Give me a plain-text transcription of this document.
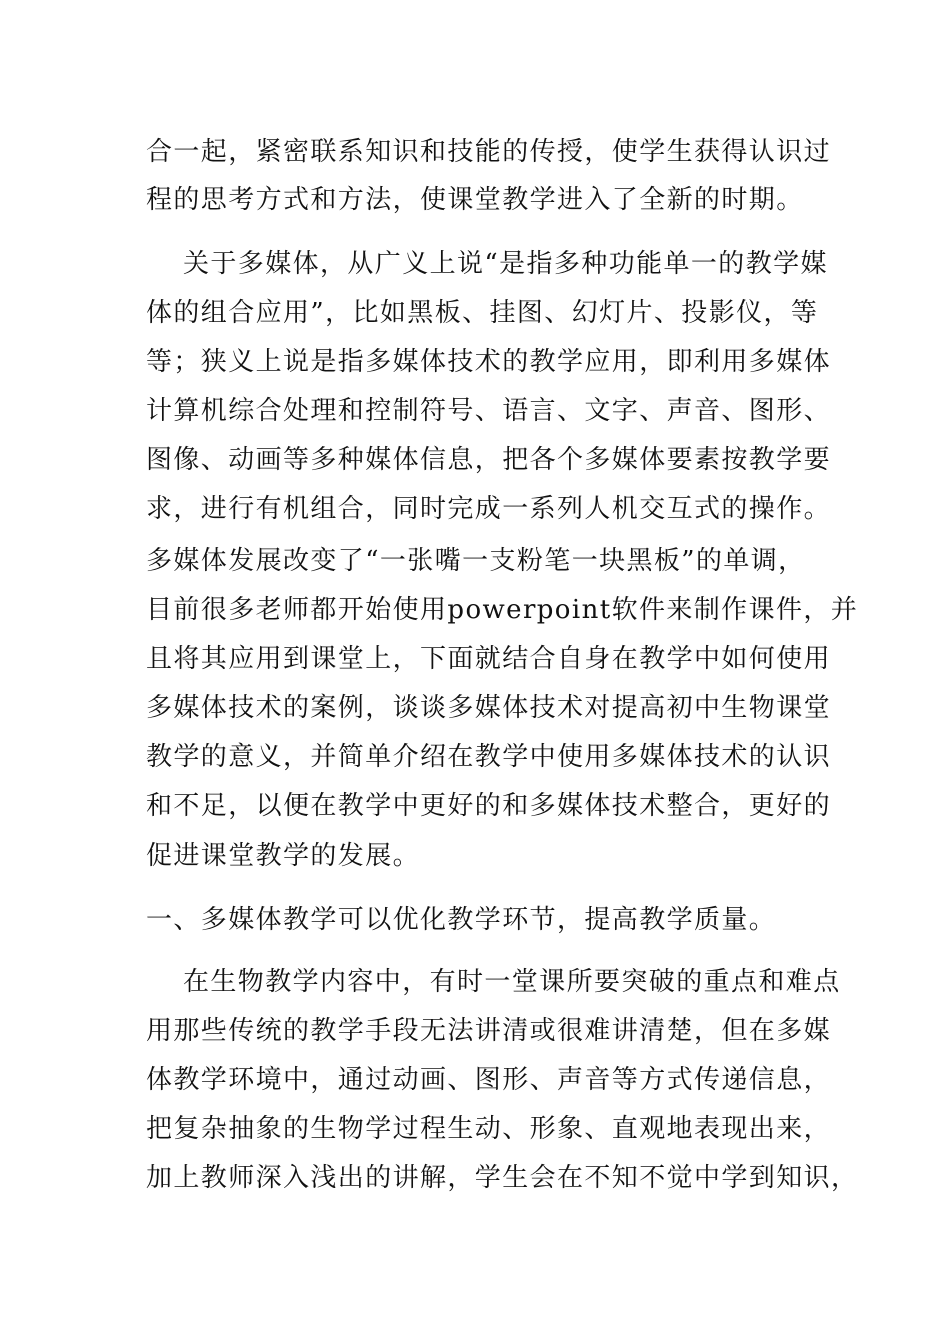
合一起，紧密联系知识和技能的传授，使学生获得认识过
程的思考方式和方法，使课堂教学进入了全新的时期。
关于多媒体，从广义上说“是指多种功能单一的教学媒
体的组合应用”，比如黑板、挂图、幻灯片、投影仪，等
等；狭义上说是指多媒体技术的教学应用，即利用多媒体
计算机综合处理和控制符号、语言、文字、声音、图形、
图像、动画等多种媒体信息，把各个多媒体要素按教学要
求，进行有机组合，同时完成一系列人机交互式的操作。
多媒体发展改变了“一张嘴一支粉笔一块黑板”的单调，
目前很多老师都开始使用powerpoint软件来制作课件，并
且将其应用到课堂上，下面就结合自身在教学中如何使用
多媒体技术的案例，谈谈多媒体技术对提高初中生物课堂
教学的意义，并简单介绍在教学中使用多媒体技术的认识
和不足，以便在教学中更好的和多媒体技术整合，更好的
促进课堂教学的发展。
一、多媒体教学可以优化教学环节，提高教学质量。
在生物教学内容中，有时一堂课所要突破的重点和难点
用那些传统的教学手段无法讲清或很难讲清楚，但在多媒
体教学环境中，通过动画、图形、声音等方式传递信息，
把复杂抽象的生物学过程生动、形象、直观地表现出来，
加上教师深入浅出的讲解，学生会在不知不觉中学到知识，
